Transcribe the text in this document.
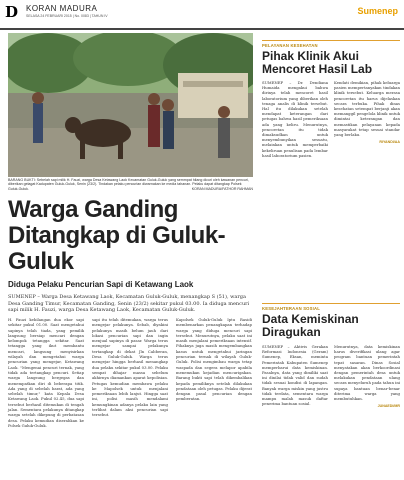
D KORAN MADURA
SELASA 24 FEBRUARI 2015 | No. 0083 | TAHUN IV	Sumenep
BARANG BUKTI: Sebelah sapi milik H. Fauzi, warga Desa Ketawang Laok Kecamatan Guluk-Guluk yang semmpat hilang dicuri oleh kawanan pencuri, diberikan gelagat Kadupaten Guluk-Guluk, Senin (23/2). Tindakan pelaku pencurian diwarnakan ke media tahanan. Pelaku dapat ditangkap Polsek Guluk-Guluk.	KORAN MADURA/FATHOR RAHMAN
Warga Ganding Ditangkap di Guluk-Guluk
Diduga Pelaku Pencurian Sapi di Ketawang Laok
SUMENEP – Warga Desa Ketawang Laok, Kecamatan Guluk-Guluk, menangkap S (51), warga Desa Ganding Timur, Kecamatan Ganding, Senin (23/2) sekitar pukul 03.00. Ia diduga mencuri sapi milik H. Fauzi, warga Desa Ketawang Laok, Kecamatan Guluk-Guluk.
H. Fauzi kehilangan dua ekor sapi sekitar pukul 01.00. Saat mengetahui sapinya telah tiada, yang pemilik langsung bersiap mencari dengan kelompok tetangga sekitar. Saat tetangga yang ikut membantu mencari, langsung menyisirkan wilayah dan mengetahui warga pencurian yang mengejar, Ketawang Laok. "Mengenai pencuri ternak, yang tidak ada tertangkap pencuri. Setiap warga langsung bergegas dan menempatkan diri di beberapa titik. Ada yang di sebelah barat, ada yang sebelah timur," kata Kepala Desa Ketawang Laok. Pukul 02.45, dua sapi tersebut berhasil ditemukan di tengah jalan. Sementara pelakunya ditangkap warga setelah dikepung di perbatasan desa. Pelaku kemudian diserahkan ke Polsek Guluk-Guluk.
sapi itu telah ditemukan, warga terus mengejar pelakunya. Sebab, diyakini pelakunya masih belum jauh dari lokasi pencurian sapi dan ingin menjual sapinya di pasar. Warga terus mengejar sampai pelakunya tertangkap di dekat Jln Cabberan, Desa Guluk-Guluk. Warga terus mengejar hingga berhasil menangkap dua pelaku sekitar pukul 03.00. Pelaku sempat dihajar massa sebelum akhirnya diamankan aparat kepolisian. Petugas kemudian membawa pelaku ke Mapolsek untuk menjalani pemeriksaan lebih lanjut. Hingga saat ini, polisi masih mendalami kemungkinan adanya pelaku lain yang terlibat dalam aksi pencurian sapi tersebut.
Kapolsek Guluk-Guluk Iptu Rasidi membenarkan penangkapan terhadap warga yang diduga mencuri sapi tersebut. Menurutnya, pelaku saat ini masih menjalani pemeriksaan intensif. Pihaknya juga masih mengembangkan kasus untuk mengetahui jaringan pencurian ternak di wilayah Guluk-Guluk. Polisi mengimbau warga tetap waspada dan segera melapor apabila menemukan kejadian mencurigakan. Barang bukti sapi telah dikembalikan kepada pemiliknya setelah dilakukan pendataan oleh petugas. Pelaku dijerat dengan pasal pencurian dengan pemberatan.
PELAYANAN KESEHATAN
Pihak Klinik Akui Mencoret Hasil Lab
SUMENEP – Dr. Dendiana Humaida mengakui bahwa dirinya telah mencoret hasil laboratorium yang diberikan oleh tenaga analis di klinik tersebut. Hal itu dilakukan setelah mendapat keterangan dari petugas bahwa hasil pemeriksaan ada yang keliru. Menurutnya, pencoretan itu tidak dimaksudkan untuk menyembunyikan sesuatu, melainkan untuk memperbaiki kekeliruan penulisan pada lembar hasil laboratorium pasien.
Kendati demikian, pihak keluarga pasien mempertanyakan tindakan klinik tersebut. Keluarga merasa pencoretan itu harus dijelaskan secara terbuka. Pihak dinas kesehatan setempat berjanji akan memanggil pengelola klinik untuk dimintai keterangan dan memastikan pelayanan kepada masyarakat tetap sesuai standar yang berlaku.
RIYANDI/AA
KESEJAHTERAAN SOSIAL
Data Kemiskinan Diragukan
SUMENEP – Aktivis Gerakan Reformasi Indonesia (Geram) Sumenep, Eksan, meminta Pemerintah Kabupaten Sumenep memperbarui data kemiskinan. Pasalnya, data yang dimiliki saat ini dinilai tidak valid dan sudah tidak sesuai kondisi di lapangan. Banyak warga miskin yang justru tidak terdata, sementara warga mampu malah masuk daftar penerima bantuan sosial.
Menurutnya, data kemiskinan harus diverifikasi ulang agar program bantuan pemerintah tepat sasaran. Dinas Sosial menyatakan akan berkoordinasi dengan pemerintah desa untuk melakukan pendataan ulang secara menyeluruh pada tahun ini supaya bantuan benar-benar diterima warga yang membutuhkan.
JUNAEDI/MR
